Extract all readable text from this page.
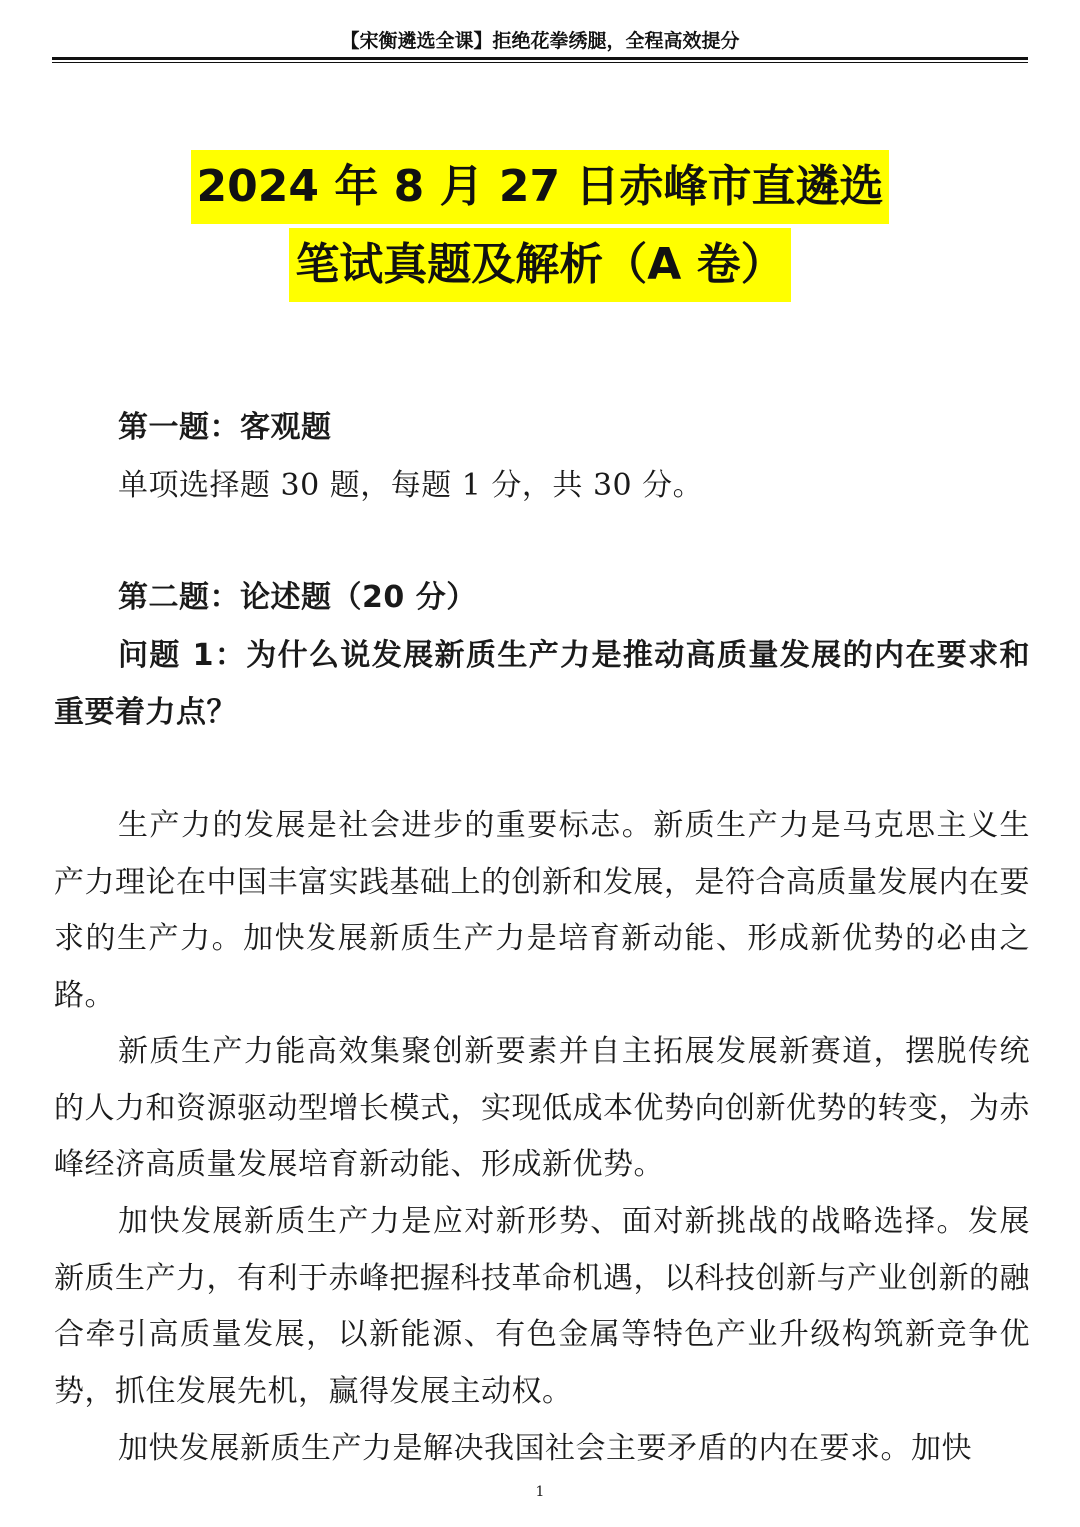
【宋衡遴选全课】拒绝花拳绣腿，全程高效提分
2024 年 8 月 27 日赤峰市直遴选
笔试真题及解析（A 卷）
第一题：客观题
单项选择题 30 题，每题 1 分，共 30 分。
第二题：论述题（20 分）
问题 1：为什么说发展新质生产力是推动高质量发展的内在要求和重要着力点？
生产力的发展是社会进步的重要标志。新质生产力是马克思主义生产力理论在中国丰富实践基础上的创新和发展，是符合高质量发展内在要求的生产力。加快发展新质生产力是培育新动能、形成新优势的必由之路。
新质生产力能高效集聚创新要素并自主拓展发展新赛道，摆脱传统的人力和资源驱动型增长模式，实现低成本优势向创新优势的转变，为赤峰经济高质量发展培育新动能、形成新优势。
加快发展新质生产力是应对新形势、面对新挑战的战略选择。发展新质生产力，有利于赤峰把握科技革命机遇，以科技创新与产业创新的融合牵引高质量发展，以新能源、有色金属等特色产业升级构筑新竞争优势，抓住发展先机，赢得发展主动权。
加快发展新质生产力是解决我国社会主要矛盾的内在要求。加快
1
